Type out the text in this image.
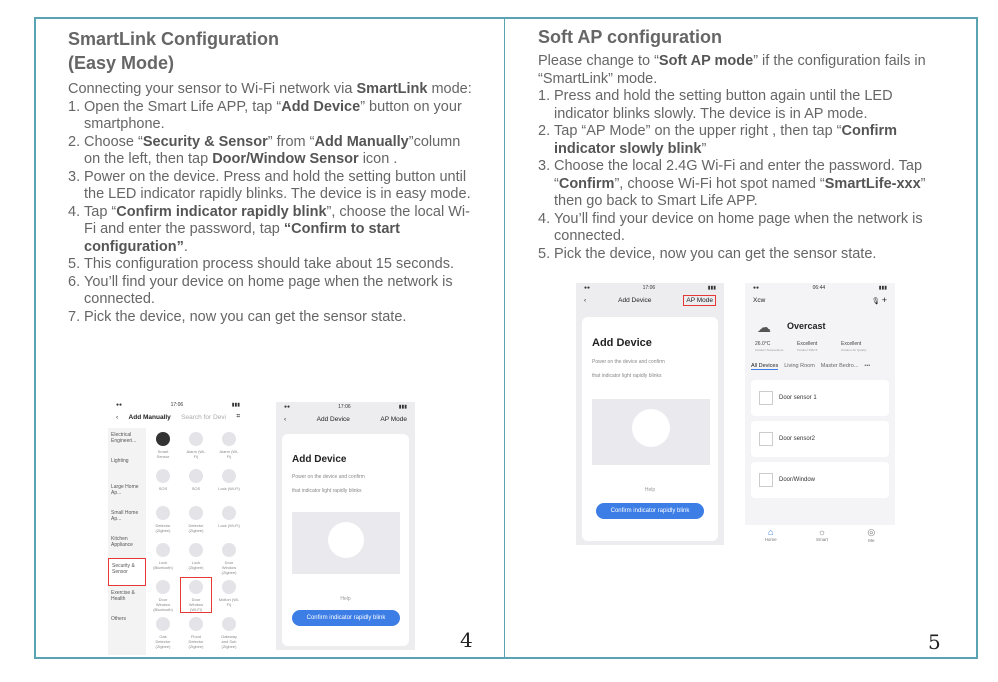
SmartLink Configuration

(Easy Mode)

Connecting your sensor to Wi-Fi network via SmartLink mode:

1. Open the Smart Life APP, tap “Add Device” button on your smartphone.
2. Choose “Security & Sensor” from “Add Manually”column on the left, then tap Door/Window Sensor icon .
3. Power on the device. Press and hold the setting button until the LED indicator rapidly blinks. The device is in easy mode.
4. Tap “Confirm indicator rapidly blink”, choose the local Wi-Fi and enter the password, tap “Confirm to start configuration”.
5. This configuration process should take about 15 seconds.
6. You’ll find your device on home page when the network is connected.
7. Pick the device, now you can get the sensor state.

Soft AP configuration

Please change to “Soft AP mode” if the configuration fails in “SmartLink” mode.

1. Press and hold the setting button again until the LED indicator blinks slowly. The device is in AP mode.
2. Tap “AP Mode” on the upper right , then tap “Confirm indicator slowly blink”
3. Choose the local 2.4G Wi-Fi and enter the password. Tap “Confirm”, choose Wi-Fi hot spot named “SmartLife-xxx” then go back to Smart Life APP.
4. You’ll find your device on home page when the network is connected.
5. Pick the device, now you can get the sensor state.
●●	17:06	▮▮▮
‹ Add Manually Search for Devi ⌗
Electrical Engineeri...
Lighting
Large Home Ap...
Small Home Ap...
Kitchen Appliance
Security & Sensor
Exercise & Health
Others
Smart Sensor
Alarm (Wi-Fi)
Alarm (Wi-Fi)
SOS	SOS	Lock (Wi-Fi)
Detector (Zigbee)
Detector (Zigbee)
Lock (Wi-Fi)
Lock (Bluetooth)
Lock (Zigbee)
Door Window (Zigbee)
Door Window (Bluetooth)
Door Window (Wi-Fi)
Motion (Wi-Fi)
Gas Detector (Zigbee)
Flood Detector (Zigbee)
Gateway and Sub (Zigbee)
●●	17:06	▮▮▮
‹	Add Device	AP Mode
Add Device
Power on the device and confirm
that indicator light rapidly blinks
Help
Confirm indicator rapidly blink
●●	17:06	▮▮▮
‹	Add Device	AP Mode
Add Device
Power on the device and confirm
that indicator light rapidly blinks
Help
Confirm indicator rapidly blink
●●	06:44	▮▮▮
Xcw	🎙 +
☁ Overcast
26.0°C	Excellent	Excellent
Outdoor Temperature	Outdoor PM2.5	Outdoor Air Quality
All Devices Living Room Master Bedro... •••
Door sensor 1
Door sensor2
Door/Window
⌂
Home
☼
Smart
◎
Me
4	5
